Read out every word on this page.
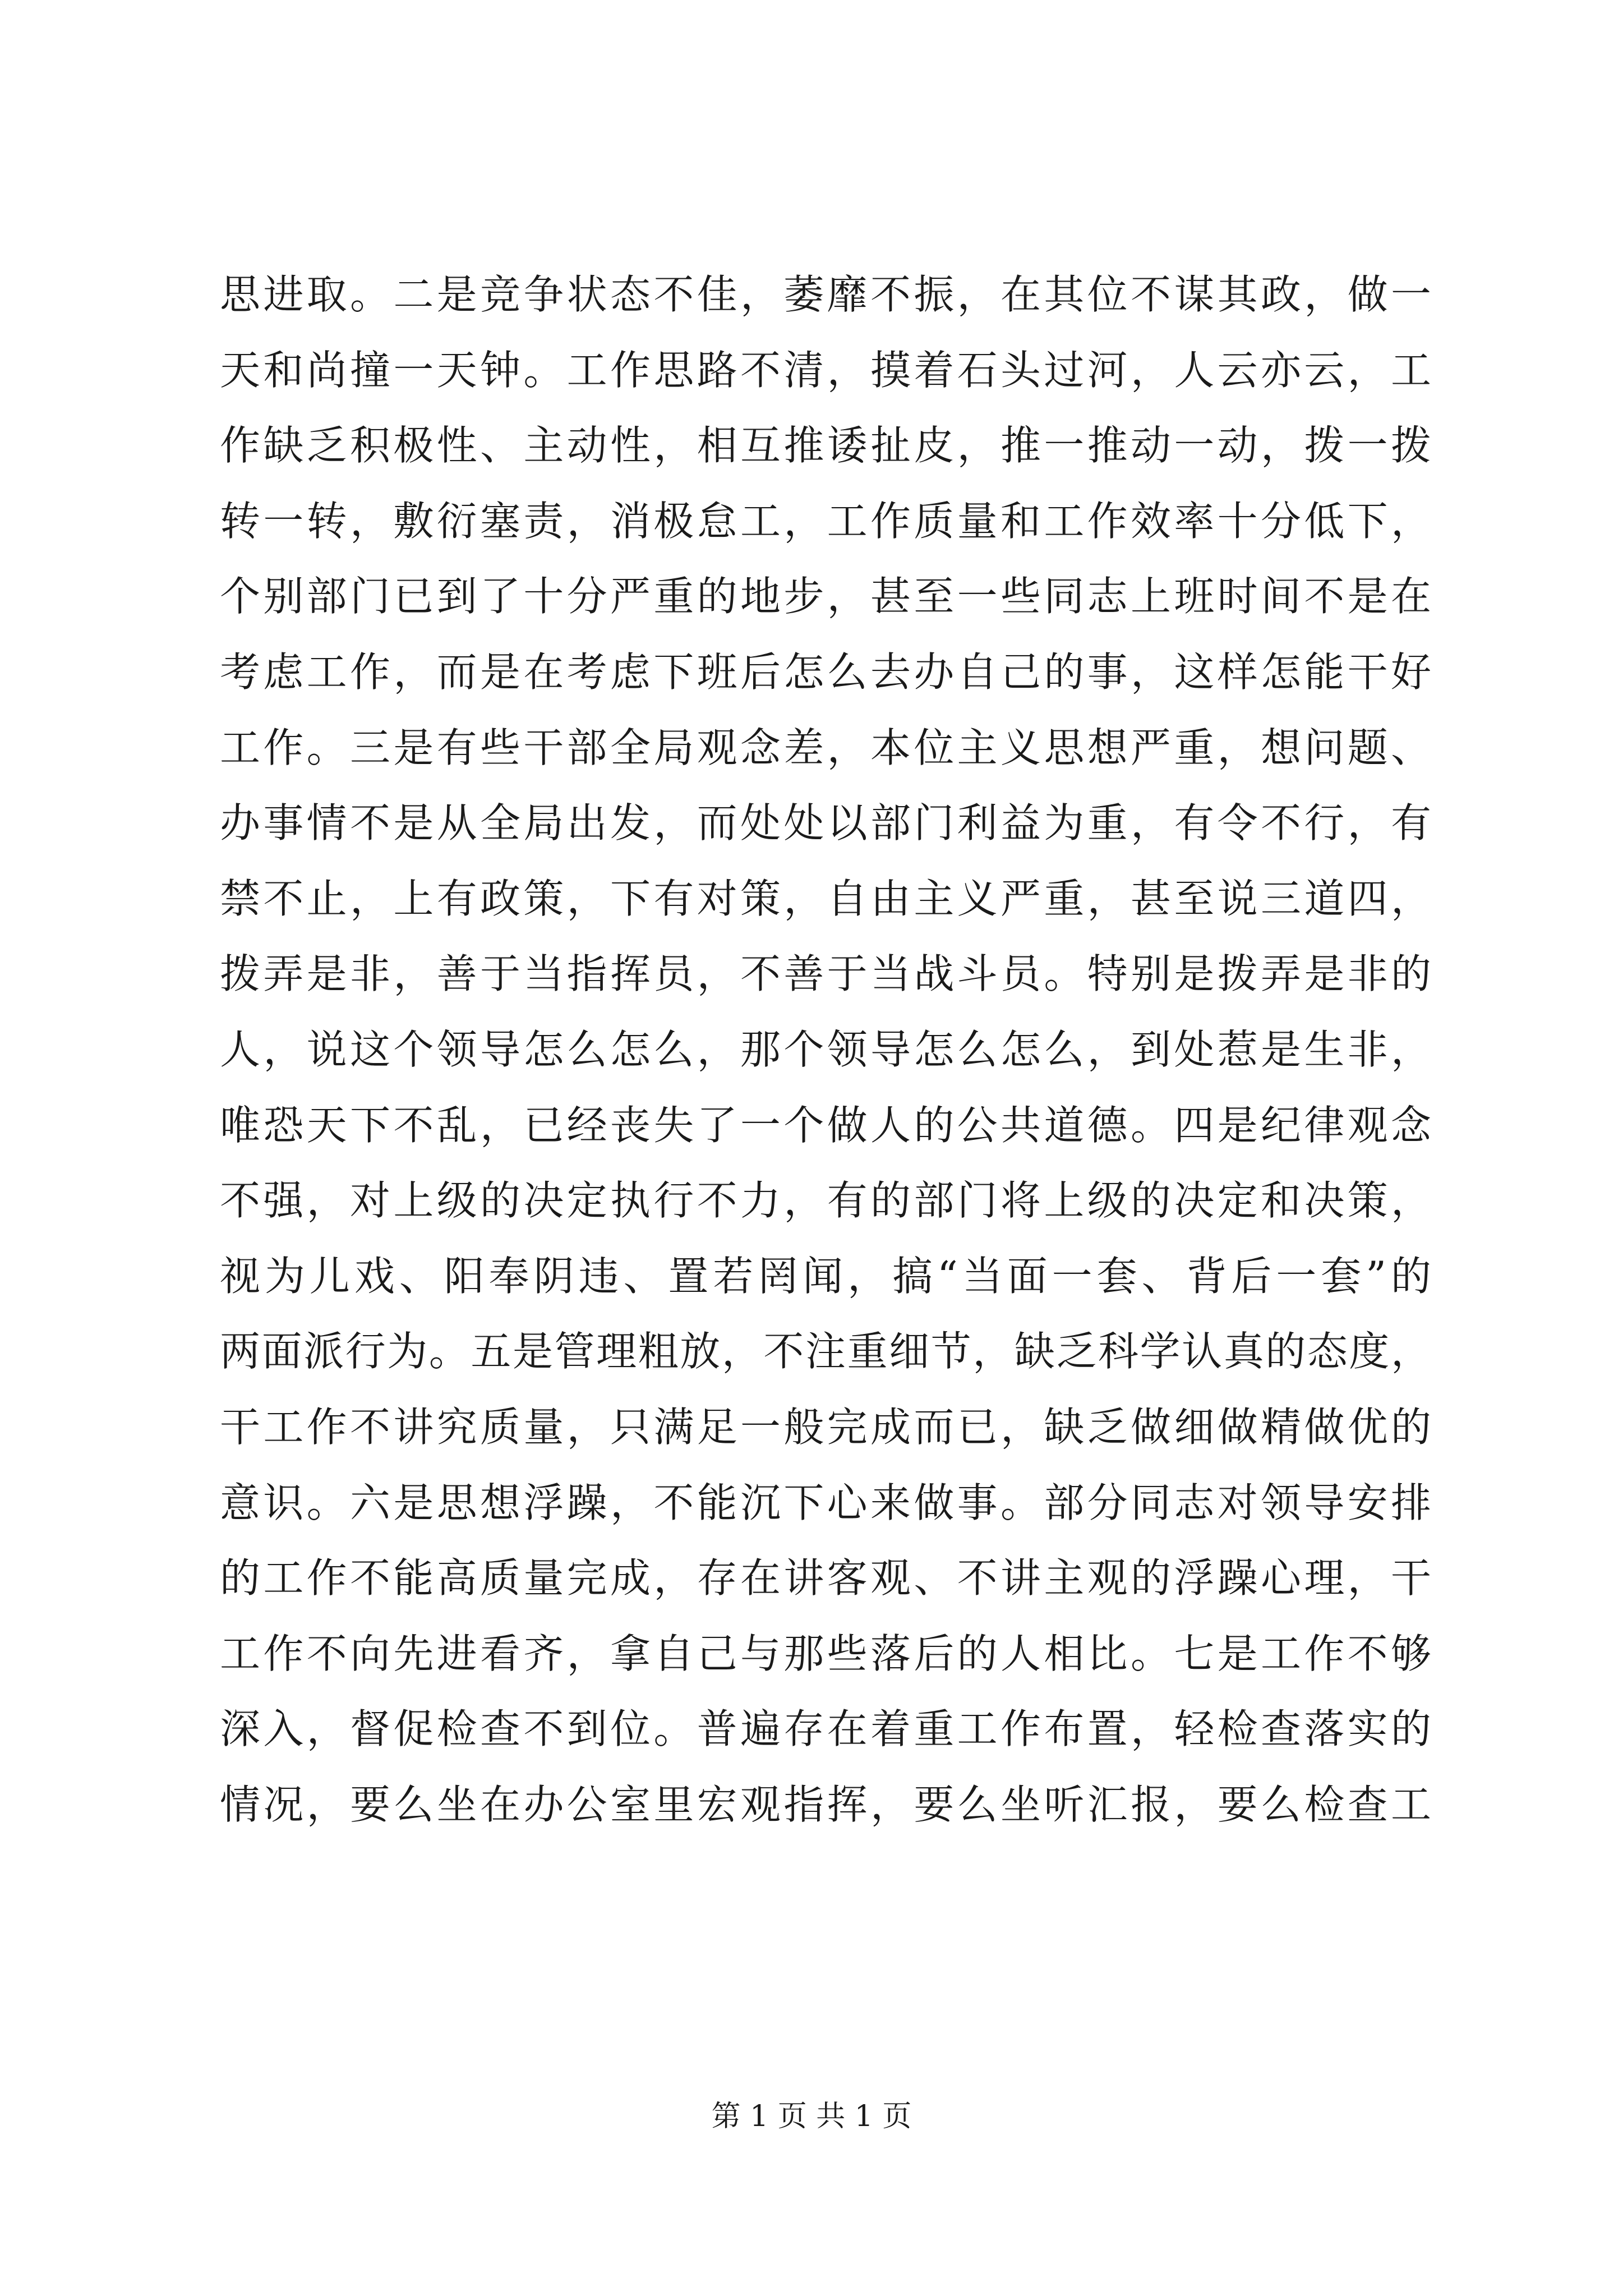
思进取。二是竞争状态不佳，萎靡不振，在其位不谋其政，做一
天和尚撞一天钟。工作思路不清，摸着石头过河，人云亦云，工
作缺乏积极性、主动性，相互推诿扯皮，推一推动一动，拨一拨
转一转，敷衍塞责，消极怠工，工作质量和工作效率十分低下，
个别部门已到了十分严重的地步，甚至一些同志上班时间不是在
考虑工作，而是在考虑下班后怎么去办自己的事，这样怎能干好
工作。三是有些干部全局观念差，本位主义思想严重，想问题、
办事情不是从全局出发，而处处以部门利益为重，有令不行，有
禁不止，上有政策，下有对策，自由主义严重，甚至说三道四，
拨弄是非，善于当指挥员，不善于当战斗员。特别是拨弄是非的
人，说这个领导怎么怎么，那个领导怎么怎么，到处惹是生非，
唯恐天下不乱，已经丧失了一个做人的公共道德。四是纪律观念
不强，对上级的决定执行不力，有的部门将上级的决定和决策，
视为儿戏、阳奉阴违、置若罔闻，搞“当面一套、背后一套”的
两面派行为。五是管理粗放，不注重细节，缺乏科学认真的态度，
干工作不讲究质量，只满足一般完成而已，缺乏做细做精做优的
意识。六是思想浮躁，不能沉下心来做事。部分同志对领导安排
的工作不能高质量完成，存在讲客观、不讲主观的浮躁心理，干
工作不向先进看齐，拿自己与那些落后的人相比。七是工作不够
深入，督促检查不到位。普遍存在着重工作布置，轻检查落实的
情况，要么坐在办公室里宏观指挥，要么坐听汇报，要么检查工
第 1 页 共 1 页
